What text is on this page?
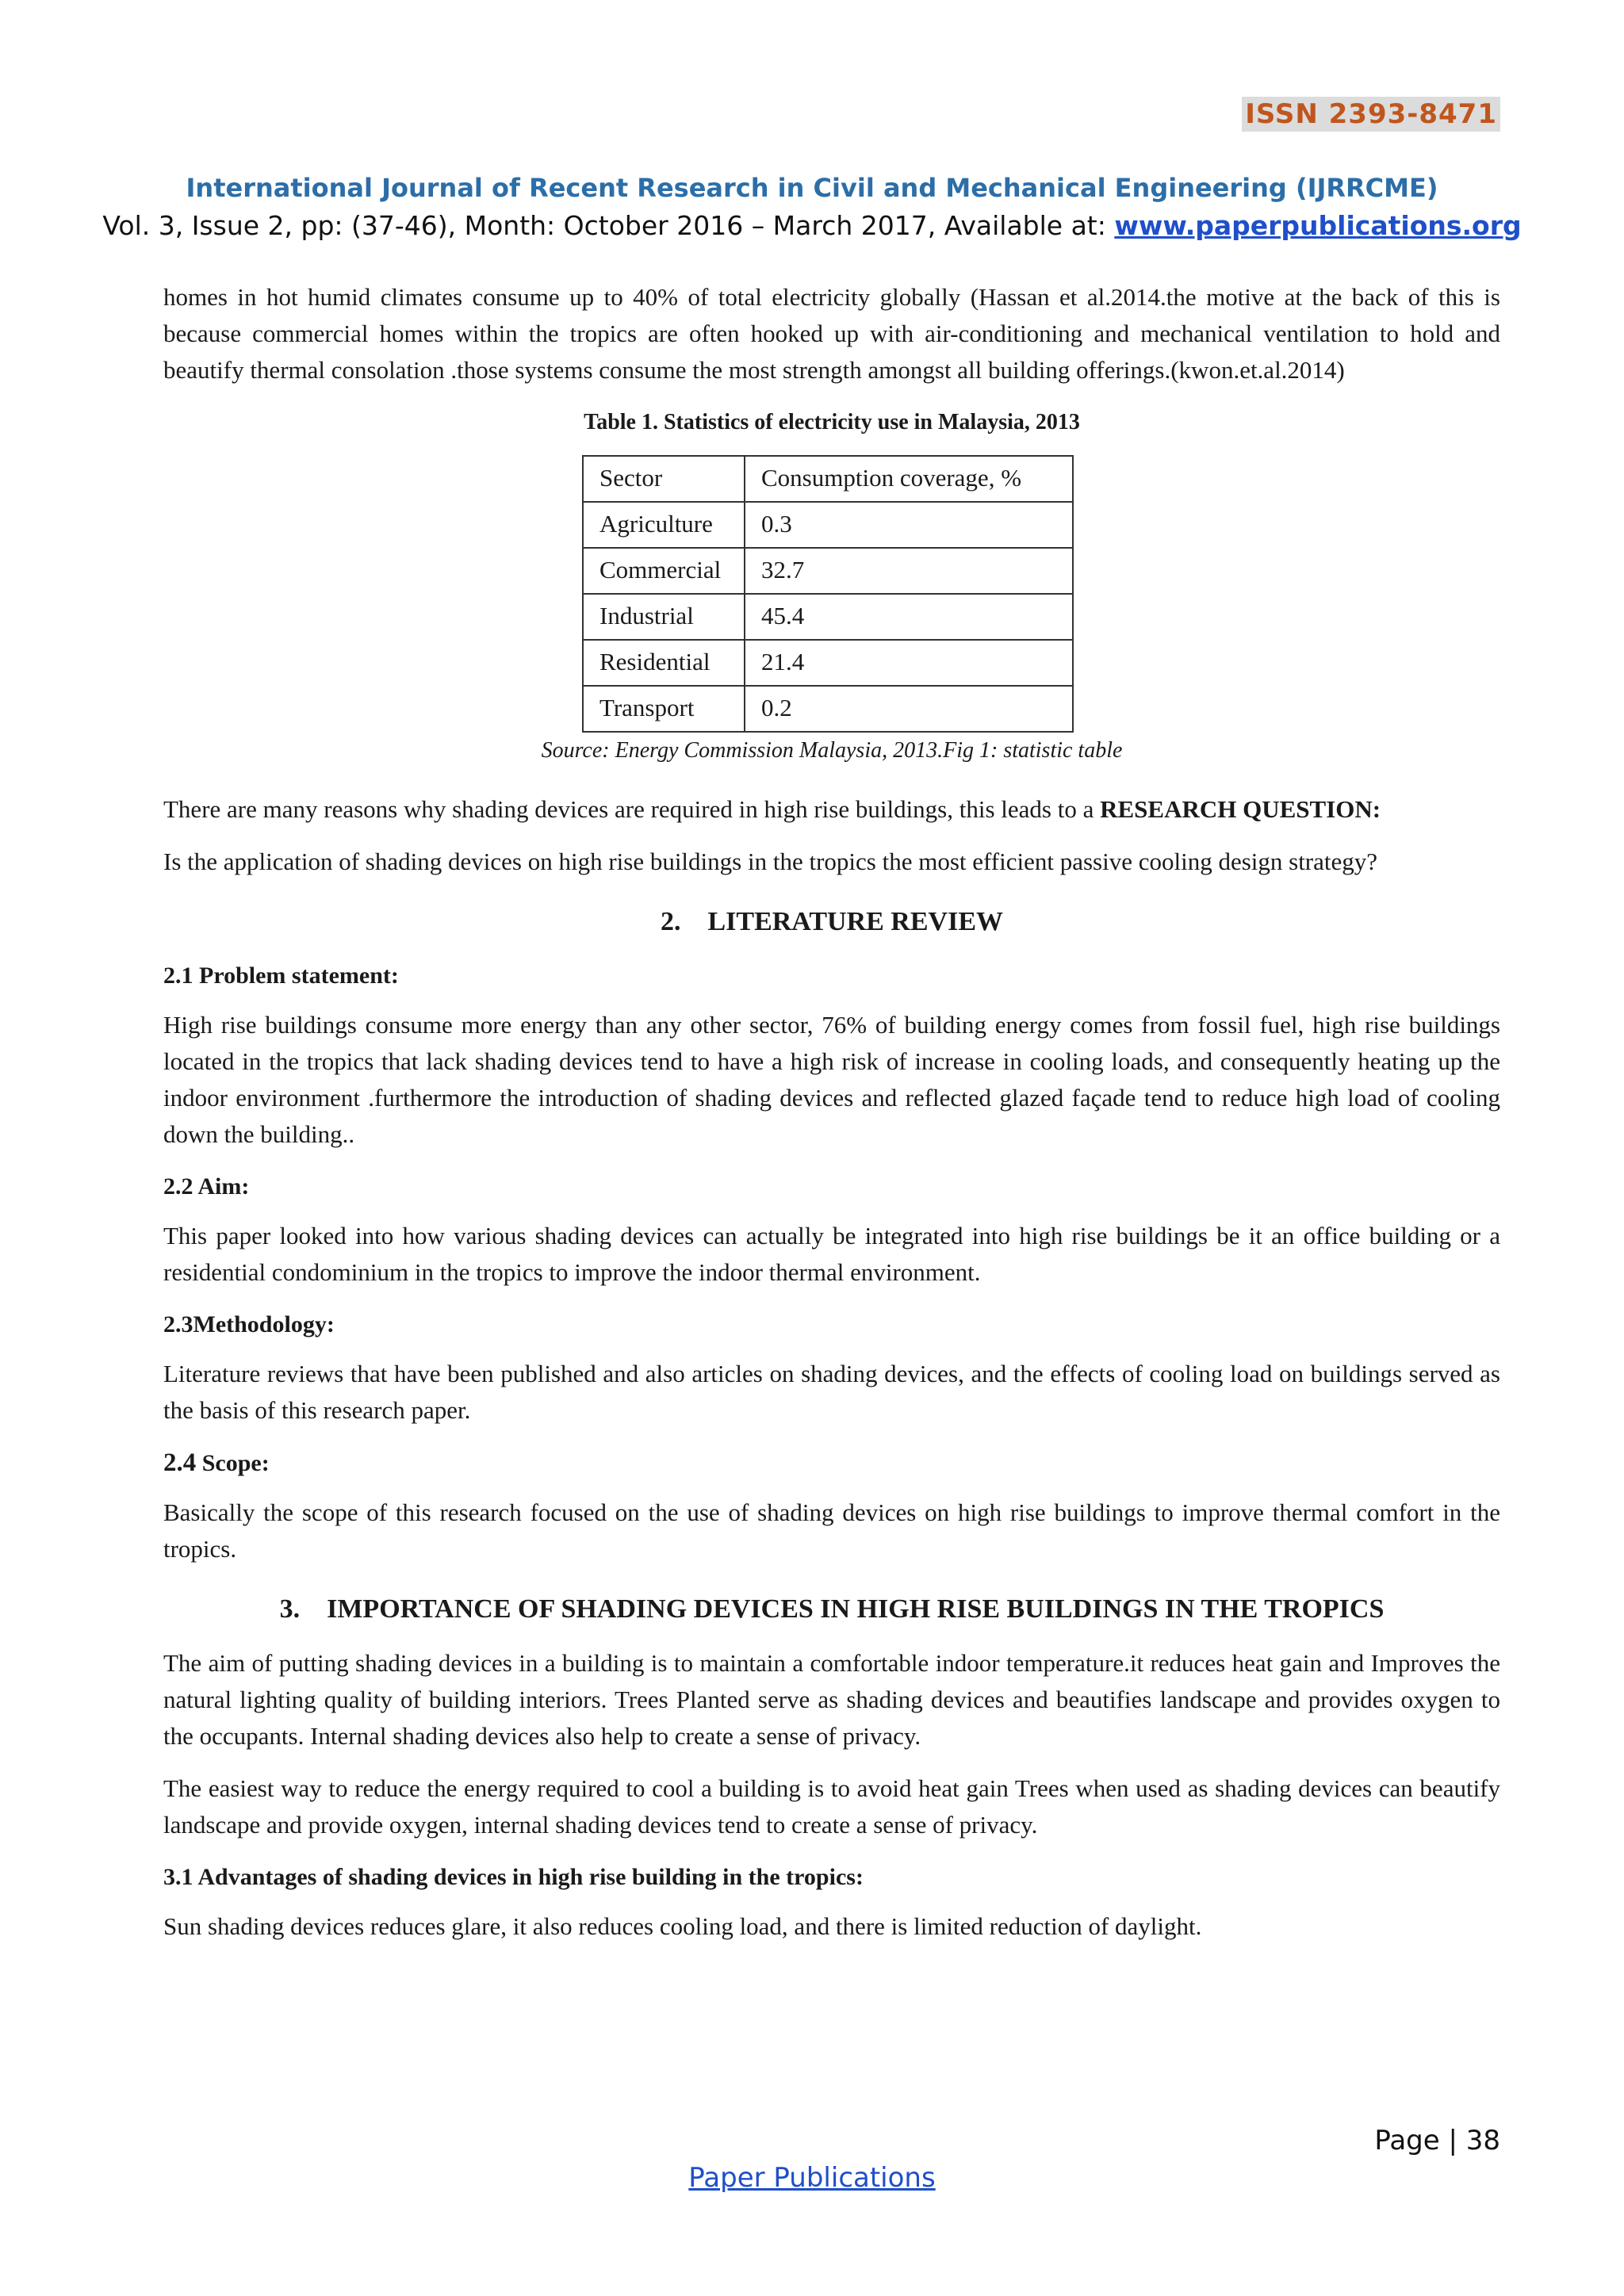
ISSN 2393-8471
International Journal of Recent Research in Civil and Mechanical Engineering (IJRRCME)
Vol. 3, Issue 2, pp: (37-46), Month: October 2016 – March 2017, Available at: www.paperpublications.org

homes in hot humid climates consume up to 40% of total electricity globally (Hassan et al.2014.the motive at the back of this is because commercial homes within the tropics are often hooked up with air-conditioning and mechanical ventilation to hold and beautify thermal consolation .those systems consume the most strength amongst all building offerings.(kwon.et.al.2014)

Table 1. Statistics of electricity use in Malaysia, 2013
Sector	Consumption coverage, %
Agriculture	0.3
Commercial	32.7
Industrial	45.4
Residential	21.4
Transport	0.2
Source: Energy Commission Malaysia, 2013.Fig 1: statistic table

There are many reasons why shading devices are required in high rise buildings, this leads to a RESEARCH QUESTION:

Is the application of shading devices on high rise buildings in the tropics the most efficient passive cooling design strategy?

2.    LITERATURE REVIEW
2.1 Problem statement:

High rise buildings consume more energy than any other sector, 76% of building energy comes from fossil fuel, high rise buildings located in the tropics that lack shading devices tend to have a high risk of increase in cooling loads, and consequently heating up the indoor environment .furthermore the introduction of shading devices and reflected glazed façade tend to reduce high load of cooling down the building..

2.2 Aim:

This paper looked into how various shading devices can actually be integrated into high rise buildings be it an office building or a residential condominium in the tropics to improve the indoor thermal environment.

2.3Methodology:

Literature reviews that have been published and also articles on shading devices, and the effects of cooling load on buildings served as the basis of this research paper.

2.4 Scope:

Basically the scope of this research focused on the use of shading devices on high rise buildings to improve thermal comfort in the tropics.

3.    IMPORTANCE OF SHADING DEVICES IN HIGH RISE BUILDINGS IN THE TROPICS

The aim of putting shading devices in a building is to maintain a comfortable indoor temperature.it reduces heat gain and Improves the natural lighting quality of building interiors. Trees Planted serve as shading devices and beautifies landscape and provides oxygen to the occupants. Internal shading devices also help to create a sense of privacy.

The easiest way to reduce the energy required to cool a building is to avoid heat gain Trees when used as shading devices can beautify landscape and provide oxygen, internal shading devices tend to create a sense of privacy.

3.1 Advantages of shading devices in high rise building in the tropics:

Sun shading devices reduces glare, it also reduces cooling load, and there is limited reduction of daylight.

Page | 38
Paper Publications
